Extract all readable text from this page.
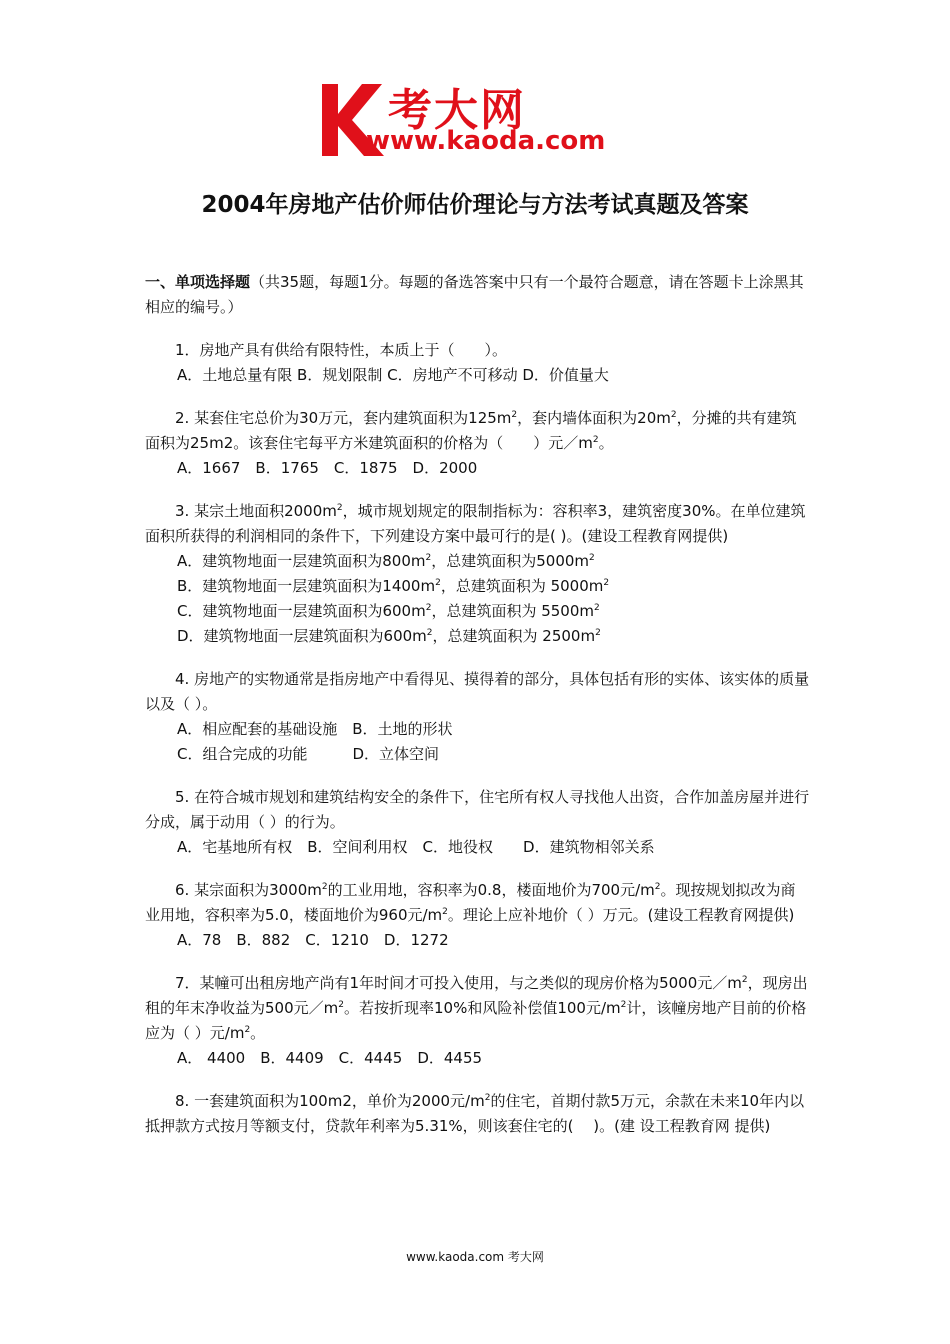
考大网
www.kaoda.com
2004年房地产估价师估价理论与方法考试真题及答案

一、单项选择题（共35题，每题1分。每题的备选答案中只有一个最符合题意，请在答题卡上涂黑其相应的编号。）

1．房地产具有供给有限特性，本质上于（　　）。

A．土地总量有限 B．规划限制 C．房地产不可移动 D．价值量大

2. 某套住宅总价为30万元，套内建筑面积为$125m^2$，套内墙体面积为$20m^2$，分摊的共有建筑面积为25m2。该套住宅每平方米建筑面积的价格为（　　）元$/m^2$。

A．1667　B．1765　C．1875　D．2000

3. 某宗土地面积$2000m^2$，城市规划规定的限制指标为：容积率3，建筑密度30%。在单位建筑面积所获得的利润相同的条件下，下列建设方案中最可行的是( )。(建设工程教育网提供)

A．建筑物地面一层建筑面积为$800m^2$，总建筑面积为$5000m^2$

B．建筑物地面一层建筑面积为$1400m^2$，总建筑面积为 $5000m^2$

C．建筑物地面一层建筑面积为$600m^2$，总建筑面积为 $5500m^2$

D．建筑物地面一层建筑面积为$600m^2$，总建筑面积为 $2500m^2$

4. 房地产的实物通常是指房地产中看得见、摸得着的部分，具体包括有形的实体、该实体的质量以及（ ）。

A．相应配套的基础设施　B．土地的形状

C．组合完成的功能　　　D．立体空间

5. 在符合城市规划和建筑结构安全的条件下，住宅所有权人寻找他人出资，合作加盖房屋并进行分成，属于动用（ ）的行为。

A．宅基地所有权　B．空间利用权　C．地役权　　D．建筑物相邻关系

6. 某宗面积为$3000m^2$的工业用地，容积率为0.8，楼面地价为700元$/m^2$。现按规划拟改为商业用地，容积率为5.0，楼面地价为960元$/m^2$。理论上应补地价（ ）万元。(建设工程教育网提供)

A．78　B．882　C．1210　D．1272

7．某幢可出租房地产尚有1年时间才可投入使用，与之类似的现房价格为5000元$/m^2$，现房出租的年末净收益为500元$/m^2$。若按折现率10%和风险补偿值100元$/m^2$计，该幢房地产目前的价格应为（ ）元$/m^2$。

A． 4400　B．4409　C．4445　D．4455

8. 一套建筑面积为100m2，单价为2000元$/m^2$的住宅，首期付款5万元，余款在未来10年内以抵押款方式按月等额支付，贷款年利率为5.31%，则该套住宅的(　 )。(建 设工程教育网 提供)

www.kaoda.com 考大网
